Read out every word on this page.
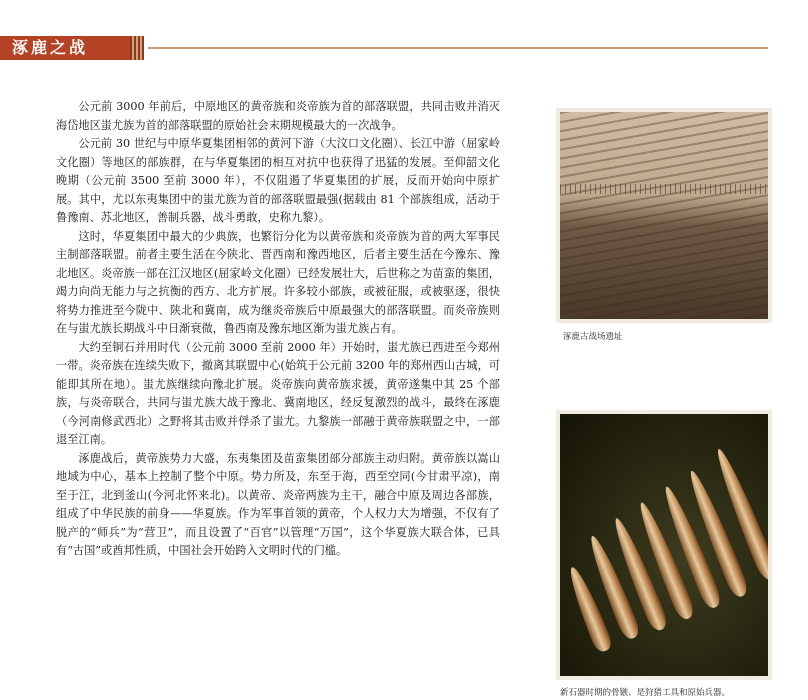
涿鹿之战

公元前 3000 年前后，中原地区的黄帝族和炎帝族为首的部落联盟，共同击败并消灭海岱地区蚩尤族为首的部落联盟的原始社会末期规模最大的一次战争。

公元前 30 世纪与中原华夏集团相邻的黄河下游（大汶口文化圈）、长江中游（屈家岭文化圈）等地区的部族群，在与华夏集团的相互对抗中也获得了迅猛的发展。至仰韶文化晚期（公元前 3500 至前 3000 年），不仅阻遏了华夏集团的扩展，反而开始向中原扩展。其中，尤以东夷集团中的蚩尤族为首的部落联盟最强(据载由 81 个部族组成，活动于鲁豫南、苏北地区，善制兵器，战斗勇敢，史称九黎）。

这时，华夏集团中最大的少典族，也繁衍分化为以黄帝族和炎帝族为首的两大军事民主制部落联盟。前者主要生活在今陕北、晋西南和豫西地区，后者主要生活在今豫东、豫北地区。炎帝族一部在江汉地区(屈家岭文化圈）已经发展壮大，后世称之为苗蛮的集团，竭力向尚无能力与之抗衡的西方、北方扩展。许多较小部族，或被征服，或被驱逐，很快将势力推进至今陇中、陕北和冀南，成为继炎帝族后中原最强大的部落联盟。而炎帝族则在与蚩尤族长期战斗中日渐衰微，鲁西南及豫东地区渐为蚩尤族占有。

大约至铜石并用时代（公元前 3000 至前 2000 年）开始时，蚩尤族已西进至今郑州一带。炎帝族在连续失败下，撤离其联盟中心(始筑于公元前 3200 年的郑州西山古城，可能即其所在地）。蚩尤族继续向豫北扩展。炎帝族向黄帝族求援，黄帝遂集中其 25 个部族，与炎帝联合，共同与蚩尤族大战于豫北、冀南地区，经反复激烈的战斗，最终在涿鹿（今河南修武西北）之野将其击败并俘杀了蚩尤。九黎族一部融于黄帝族联盟之中，一部退至江南。

涿鹿战后，黄帝族势力大盛，东夷集团及苗蛮集团部分部族主动归附。黄帝族以嵩山地域为中心，基本上控制了整个中原。势力所及，东至于海，西至空同(今甘肃平凉)，南至于江，北到釜山(今河北怀来北)。以黄帝、炎帝两族为主干，融合中原及周边各部族，组成了中华民族的前身——华夏族。作为军事首领的黄帝，个人权力大为增强，不仅有了脱产的“师兵”为“营卫”，而且设置了“百官”以管理“万国”，这个华夏族大联合体，已具有“古国”或酋邦性质，中国社会开始跨入文明时代的门槛。

涿鹿古战场遗址
新石器时期的骨镞、是狩猎工具和原始兵器。
